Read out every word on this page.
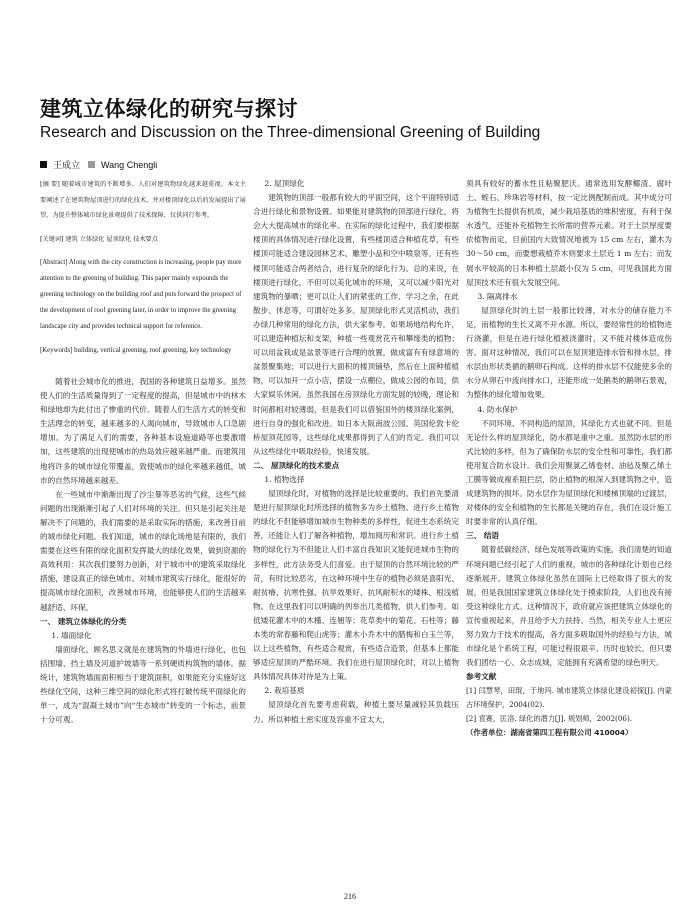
建筑立体绿化的研究与探讨
Research and Discussion on the Three-dimensional Greening of Building
王成立 Wang Chengli

[摘 要] 随着城市建筑的不断增多，人们对建筑物绿化越来越重视。本文主要阐述了在建筑物屋顶进行的绿化技术，并对楼顶绿化以后的发展提出了展望，为提升整体城市绿化景观提供了技术保障，仅供同行参考。

[关键词] 建筑 立体绿化 屋顶绿化 技术要点

[Abstract] Along with the city construction is increasing, people pay more attention to the greening of building. This paper mainly expounds the greening technology on the building roof and puts forward the prospect of the development of roof greening later, in order to improve the greening landscape city and provides technical support for reference.

[Keywords] building, vertical greening, roof greening, key technology

随着社会城市化的推进，我国的各种建筑日益增多。虽然使人们的生活质量得到了一定程度的提高，但是城市中的林木和绿地却为此付出了惨重的代价。随着人们生活方式的转变和生活理念的转变，越来越多的人渴向城市，导致城市人口急剧增加。为了满足人们的需要，各种基本设施道路等也要激增加，这些建筑的出现使城市的热岛效应越来越严重。而建筑用地将许多的城市绿化带覆盖，致使城市的绿化率越来越低，城市的自然环境越来越差。

在一些城市中渐渐出现了沙尘暴等恶劣的气候，这些气候问题的出现渐渐引起了人们对环境的关注。但只是引起关注是解决不了问题的，我们需要的是采取实际的措施，来改善目前的城市绿化问题。我们知道，城市的绿化场地是有限的，我们需要在这些有限的绿化面积发挥最大的绿化效果，做到资源的高效利用：其次我们要努力创新，对于城市中的建筑采取绿化措施，建设真正的绿色城市。对城市建筑实行绿化，能很好的提高城市绿化面积，改善城市环境，也能够使人们的生活越来越舒适、环保。

一、 建筑立体绿化的分类

1. 墙面绿化

墙面绿化，顾名思义就是在建筑物的外墙进行绿化，也包括围墙、挡土墙及河道护坡墙等一系列硬质构筑物的墙体。据统计，建筑物墙面面积相当于建筑面积，如果能充分实施好这些绿化空间，这种三维空间的绿化形式将打破传统平面绿化的单一，成为“混凝土城市”向“生态城市”转变的一个标志，前景十分可观。

2. 屋顶绿化

建筑物的顶部一般都有较大的平面空间，这个平面特别适合进行绿化和景物设置。如果能对建筑物的顶部进行绿化，将会大大提高城市的绿化率。在实际的绿化过程中，我们要根据楼顶的具体情况进行绿化设置，有些楼顶适合种植花草，有些楼顶可能适合建设园林艺术、雕塑小品和空中喷泉等。还有些楼顶可能适合两者结合，进行复杂的绿化行为。总的来说，在楼顶进行绿化，不但可以美化城市的环境，又可以减少阳光对建筑物的暴晒；更可以让人们的紧张的工作、学习之余，在此散步、休息等，可谓好处多多。屋顶绿化形式灵活机动，我们办绿几种常用的绿化方法，供大家参考。如果场地结构允许，可以建造种植坛和支架，种植一些观赏花卉和攀缘类的植物；可以用盆栽或是盆景等进行合理的放置，做成富有有绿意境的盆景聚集地；可以进行大面积的楼顶铺垫，然后在上面种植植物，可以加开一点小店，摆设一点棚位，做成公园的布局，供大家娱乐休闲。虽然我国在房顶绿化方面发展的较晚，理论和时间都相对较薄弱，但是我们可以借鉴国外的楼顶绿化案例，进行自身的强化和改进。如日本大阪南波公园、英国伦敦卡伦桥屋顶花园等，这些绿化成果都得到了人们的肯定。我们可以从这些绿化中吸取经验，快速发展。

二、 屋顶绿化的技术要点

1. 植物选择

屋顶绿化时，对植物的选择是比较重要的。我们首先要清楚进行屋顶绿化时所选择的植物多为乡土植物。进行乡土植物的绿化不但能够增加城市生物种类的多样性，促进生态系统完善，还能让人们了解各种植物，增加阅历和常识。进行乡土植物的绿化行为不但能让人们丰富自我知识又能促进城市生物的多样性，此方法务受人们喜爱。由于屋顶的自然环境比较的严苛，有时比较恶劣，在这种环境中生存的植物必须是喜阳光、耐贫瘠、抗寒性强、抗旱效果好、抗风耐积水的矮株、根浅植物。在这里我们可以明确的列举出几类植物，供人们参考。如低矮花灌木中的木槿、连翘等；花草类中的菊花、石柱等；藤本类的常春藤和爬山虎等；灌木小乔木中的腊梅和白玉兰等，以上这些植物，有些适合观赏，有些适合造景，但基本上都能够适应屋顶的严酷环境。我们在进行屋顶绿化时，对以上植物具体情况具体对待是为上策。

2. 栽培基质

屋顶绿化首先要考虑荷载，种植土要尽量减轻其负载压力。所以种植土密实度及容重不宜太大，

须具有较好的蓄水性且粘聚肥沃。通常选用发酵椰渣、腐叶土、蛭石、珍珠岩等材料，按一定比例配制而成。其中成分可为植物生长提供有机质，减少栽培基质的堆积密度，有利于保水透气，还能补充植物生长所需的营养元素。对于土层厚度要依植物而定，目前国内大致情况地被为 15 cm 左右，灌木为 30～50 cm，而要想栽植乔木则要求土层近 1 m 左右；而发展水平较高的日本种植土层最小仅为 5 cm，可见我国此方面屋顶技术还有很大发展空间。

3. 隔离排水

屋顶绿化时的土层一般都比较薄，对水分的储存能力不足，而植物的生长又离不开水源。所以，要经常性的给植物进行浇灌，但是在进行绿化植被浇灌时，又不能对楼体造成伤害。面对这种情况，我们可以在屋顶建造排水管和排水层，排水层由形状类循的鹅卵石构成。这样的排水层不仅能使多余的水分从卵石中流向排水口，还能形成一处鹅类的鹅卵石景观，为整体的绿化增加效果。

4. 防水保护

不同环境、不同构造的屋顶，其绿化方式也就不同。但是无论什么样的屋顶绿化，防水都是重中之重。虽然防水层的形式比较的多样，但为了确保防水层的安全性和可靠性，我们都使用复合防水设计。我们会用聚氯乙烯卷材、油毡及聚乙烯土工膜等做成複系阻拦层，防止植物的根深入到建筑物之中，造成建筑物的损坏。防水层作为屋顶绿化和楼梯顶端的过渡层，对楼体的安全和植物的生长都是关键的存在，我们在设计施工时要非常的认真仔细。

三、 结语

随着低碳经济、绿色发展等政策的实施，我们清楚的知道环境问题已经引起了人们的重视，城市的各种绿化计划也已经逐渐展开。建筑立体绿化虽然在国际上已经取得了很大的发展，但是我国国家建筑立体绿化处于摸索阶段，人们也没有接受这种绿化方式。这种情况下，政府就应该把建筑立体绿化的宣传重视起来，并且给予大力扶持。当然，相关专业人士更应努力致力于技术的提高，各方面多吸取国外的经验与方法，城市绿化是个系统工程，可能过程很艰辛、历时也较长。但只要我们团结一心、众志成城，定能拥有充满希望的绿色明天。

参考文献

[1] 闫慧琴，田琨，于地玛. 城市建筑立体绿化建设初探[J]. 内蒙古环境保护，2004(02).

[2] 袁赛，匡洛. 绿化的潜力[J]. 规划师，2002(06).

（作者单位：湖南省第四工程有限公司 410004）

216
